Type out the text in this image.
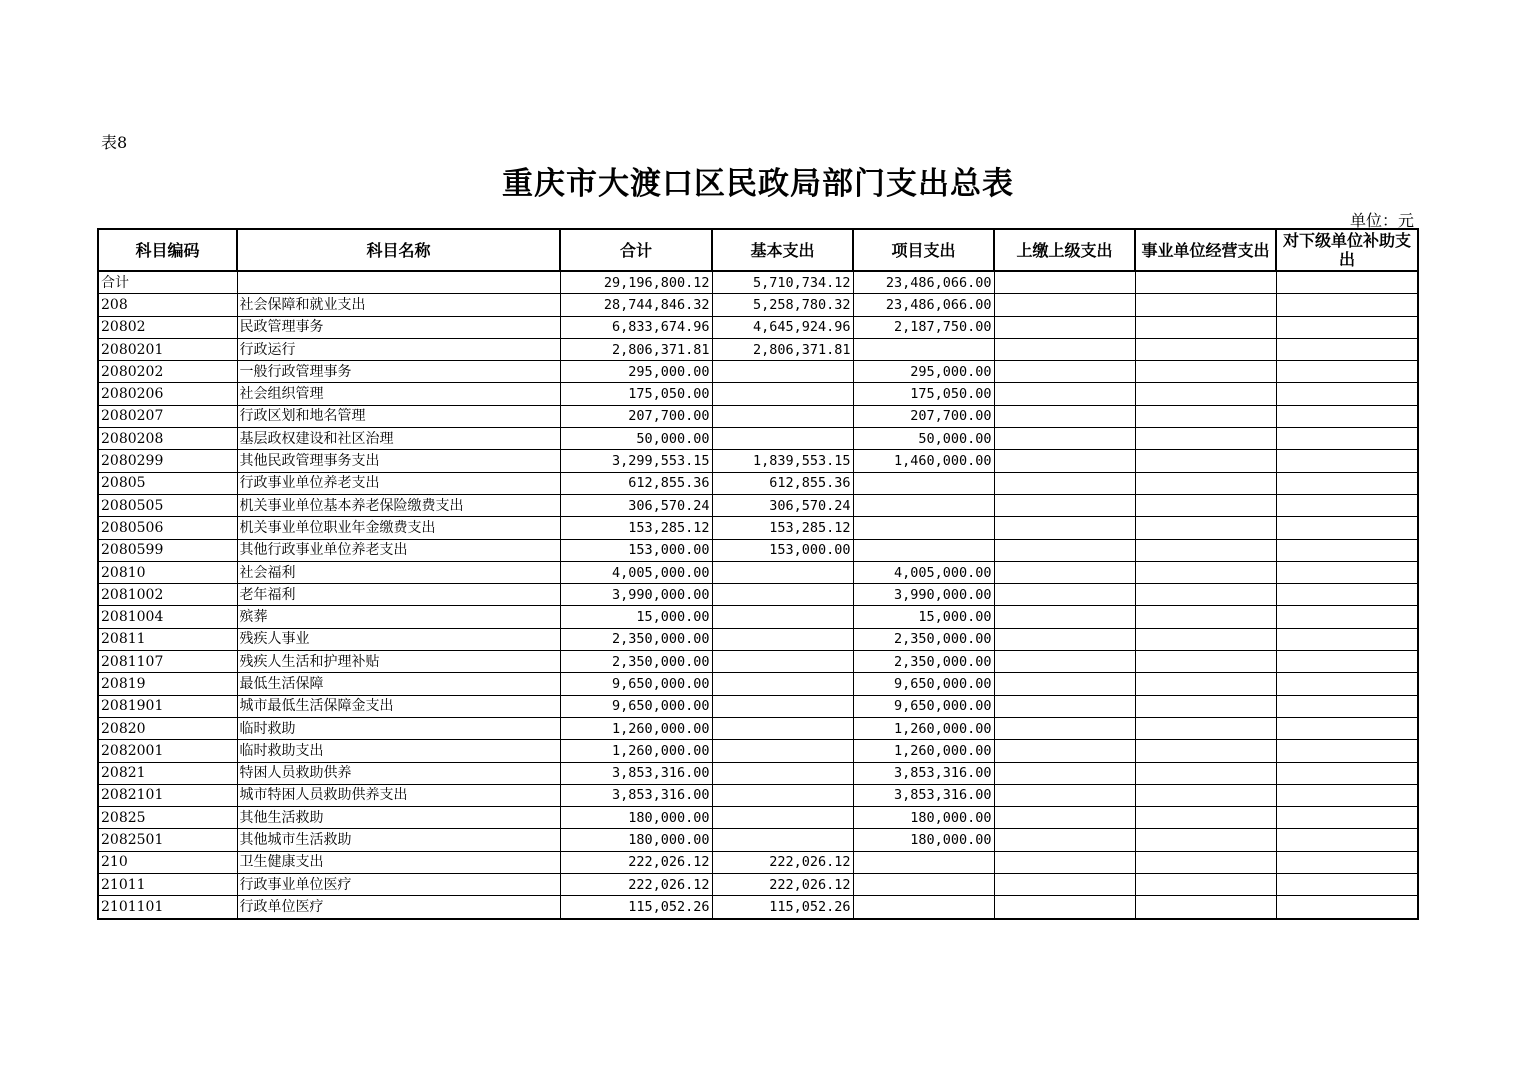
表8
重庆市大渡口区民政局部门支出总表
单位：元
科目编码	科目名称	合计	基本支出	项目支出	上缴上级支出	事业单位经营支出	对下级单位补助支出
合计		29,196,800.12	5,710,734.12	23,486,066.00			
208	社会保障和就业支出	28,744,846.32	5,258,780.32	23,486,066.00			
20802	民政管理事务	6,833,674.96	4,645,924.96	2,187,750.00			
2080201	行政运行	2,806,371.81	2,806,371.81				
2080202	一般行政管理事务	295,000.00		295,000.00			
2080206	社会组织管理	175,050.00		175,050.00			
2080207	行政区划和地名管理	207,700.00		207,700.00			
2080208	基层政权建设和社区治理	50,000.00		50,000.00			
2080299	其他民政管理事务支出	3,299,553.15	1,839,553.15	1,460,000.00			
20805	行政事业单位养老支出	612,855.36	612,855.36				
2080505	机关事业单位基本养老保险缴费支出	306,570.24	306,570.24				
2080506	机关事业单位职业年金缴费支出	153,285.12	153,285.12				
2080599	其他行政事业单位养老支出	153,000.00	153,000.00				
20810	社会福利	4,005,000.00		4,005,000.00			
2081002	老年福利	3,990,000.00		3,990,000.00			
2081004	殡葬	15,000.00		15,000.00			
20811	残疾人事业	2,350,000.00		2,350,000.00			
2081107	残疾人生活和护理补贴	2,350,000.00		2,350,000.00			
20819	最低生活保障	9,650,000.00		9,650,000.00			
2081901	城市最低生活保障金支出	9,650,000.00		9,650,000.00			
20820	临时救助	1,260,000.00		1,260,000.00			
2082001	临时救助支出	1,260,000.00		1,260,000.00			
20821	特困人员救助供养	3,853,316.00		3,853,316.00			
2082101	城市特困人员救助供养支出	3,853,316.00		3,853,316.00			
20825	其他生活救助	180,000.00		180,000.00			
2082501	其他城市生活救助	180,000.00		180,000.00			
210	卫生健康支出	222,026.12	222,026.12				
21011	行政事业单位医疗	222,026.12	222,026.12				
2101101	行政单位医疗	115,052.26	115,052.26				
